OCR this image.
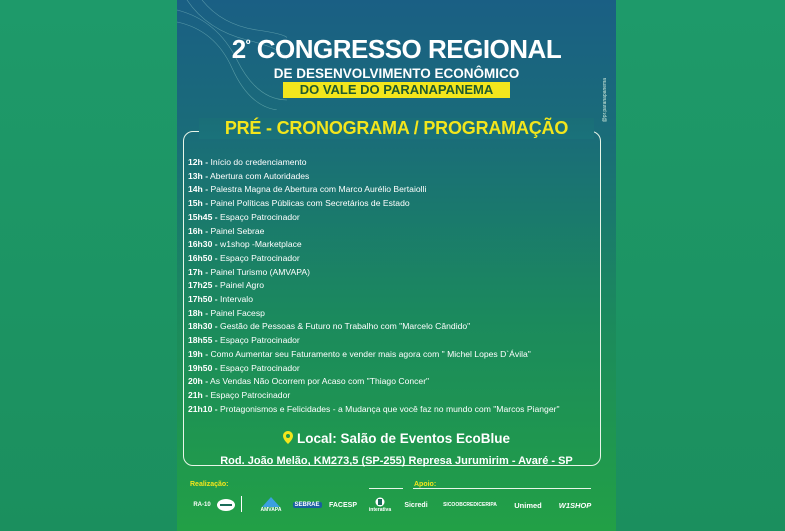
$2^º$ CONGRESSO REGIONAL
DE DESENVOLVIMENTO ECONÔMICO
DO VALE DO PARANAPANEMA	@pr.paranapanema
PRÉ - CRONOGRAMA / PROGRAMAÇÃO
12h - Início do credenciamento
13h - Abertura com Autoridades
14h - Palestra Magna de Abertura com Marco Aurélio Bertaiolli
15h - Painel Políticas Públicas com Secretários de Estado
15h45 - Espaço Patrocinador
16h - Painel Sebrae
16h30 - w1shop -Marketplace
16h50 - Espaço Patrocinador
17h - Painel Turismo (AMVAPA)
17h25 - Painel Agro
17h50 - Intervalo
18h - Painel Facesp
18h30 - Gestão de Pessoas & Futuro no Trabalho com "Marcelo Cândido"
18h55 - Espaço Patrocinador
19h - Como Aumentar seu Faturamento e vender mais agora com " Michel Lopes D`Ávila"
19h50 - Espaço Patrocinador
20h - As Vendas Não Ocorrem por Acaso com "Thiago Concer"
21h - Espaço Patrocinador
21h10 - Protagonismos e Felicidades - a Mudança que você faz no mundo com "Marcos Pianger"
Local: Salão de Eventos EcoBlue
Rod. João Melão, KM273,5 (SP-255) Represa Jurumirim - Avaré - SP
Realização:	Apoio:
RA-10
AMVAPA
SEBRAE	FACESP
interativa
Sicredi	SICOOBCREDICERIPA	Unimed	W1SHOP
